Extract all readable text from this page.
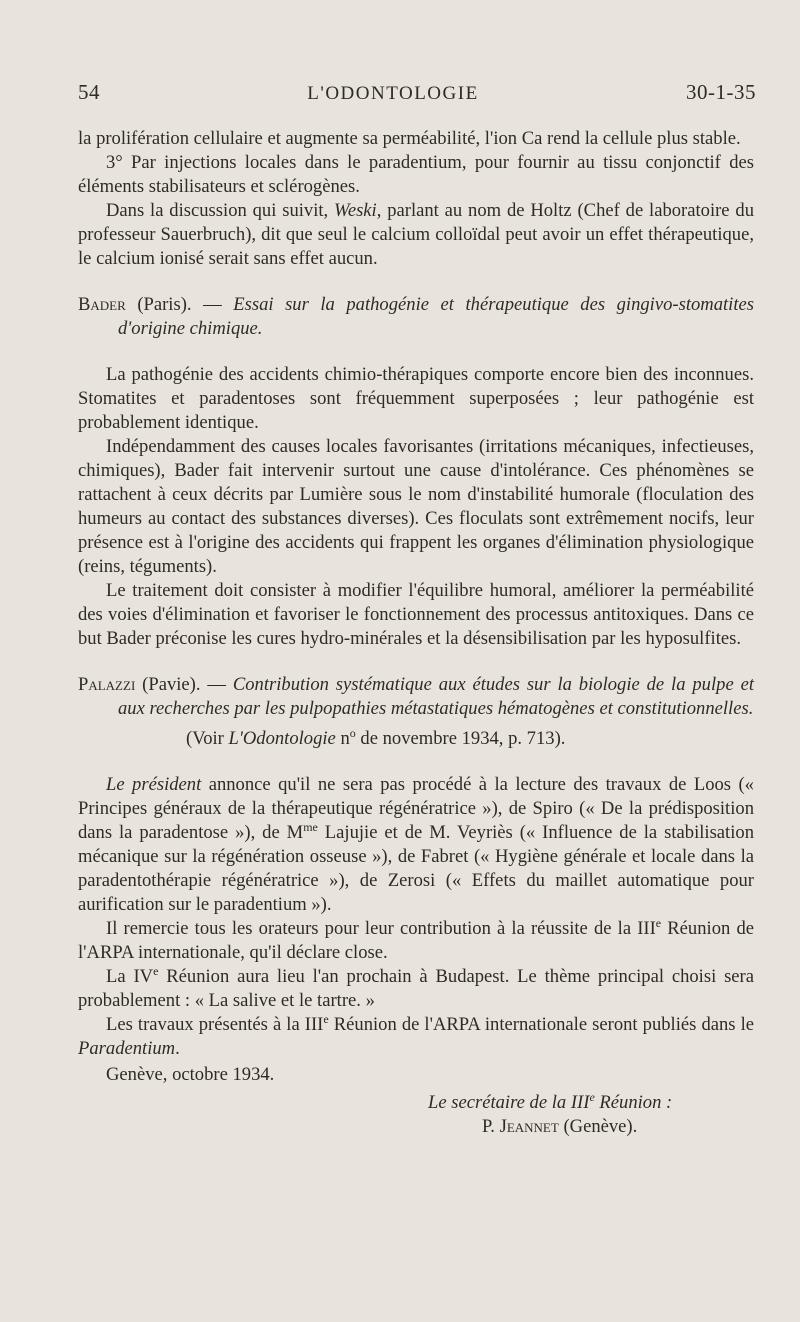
54	L'ODONTOLOGIE	30-1-35

la prolifération cellulaire et augmente sa perméabilité, l'ion Ca rend la cellule plus stable.

3° Par injections locales dans le paradentium, pour fournir au tissu conjonctif des éléments stabilisateurs et sclérogènes.

Dans la discussion qui suivit, Weski, parlant au nom de Holtz (Chef de laboratoire du professeur Sauerbruch), dit que seul le calcium colloïdal peut avoir un effet thérapeutique, le calcium ionisé serait sans effet aucun.

Bader (Paris). — Essai sur la pathogénie et thérapeutique des gingivo-stomatites d'origine chimique.

La pathogénie des accidents chimio-thérapiques comporte encore bien des inconnues. Stomatites et paradentoses sont fréquemment superposées ; leur pathogénie est probablement identique.

Indépendamment des causes locales favorisantes (irritations mécaniques, infectieuses, chimiques), Bader fait intervenir surtout une cause d'intolérance. Ces phénomènes se rattachent à ceux décrits par Lumière sous le nom d'instabilité humorale (floculation des humeurs au contact des substances diverses). Ces floculats sont extrêmement nocifs, leur présence est à l'origine des accidents qui frappent les organes d'élimination physiologique (reins, téguments).

Le traitement doit consister à modifier l'équilibre humoral, améliorer la perméabilité des voies d'élimination et favoriser le fonctionnement des processus antitoxiques. Dans ce but Bader préconise les cures hydro-minérales et la désensibilisation par les hyposulfites.

Palazzi (Pavie). — Contribution systématique aux études sur la biologie de la pulpe et aux recherches par les pulpopathies métastatiques hématogènes et constitutionnelles.

(Voir L'Odontologie $n^o$ de novembre 1934, p. 713).

Le président annonce qu'il ne sera pas procédé à la lecture des travaux de Loos (« Principes généraux de la thérapeutique régénératrice »), de Spiro (« De la prédisposition dans la paradentose »), de $M^{me}$ Lajujie et de M. Veyriès (« Influence de la stabilisation mécanique sur la régénération osseuse »), de Fabret (« Hygiène générale et locale dans la paradentothérapie régénératrice »), de Zerosi (« Effets du maillet automatique pour aurification sur le paradentium »).

Il remercie tous les orateurs pour leur contribution à la réussite de la IIIe Réunion de l'ARPA internationale, qu'il déclare close.

La IVe Réunion aura lieu l'an prochain à Budapest. Le thème principal choisi sera probablement : « La salive et le tartre. »

Les travaux présentés à la IIIe Réunion de l'ARPA internationale seront publiés dans le Paradentium.

Genève, octobre 1934.

Le secrétaire de la IIIe Réunion :

P. Jeannet (Genève).
